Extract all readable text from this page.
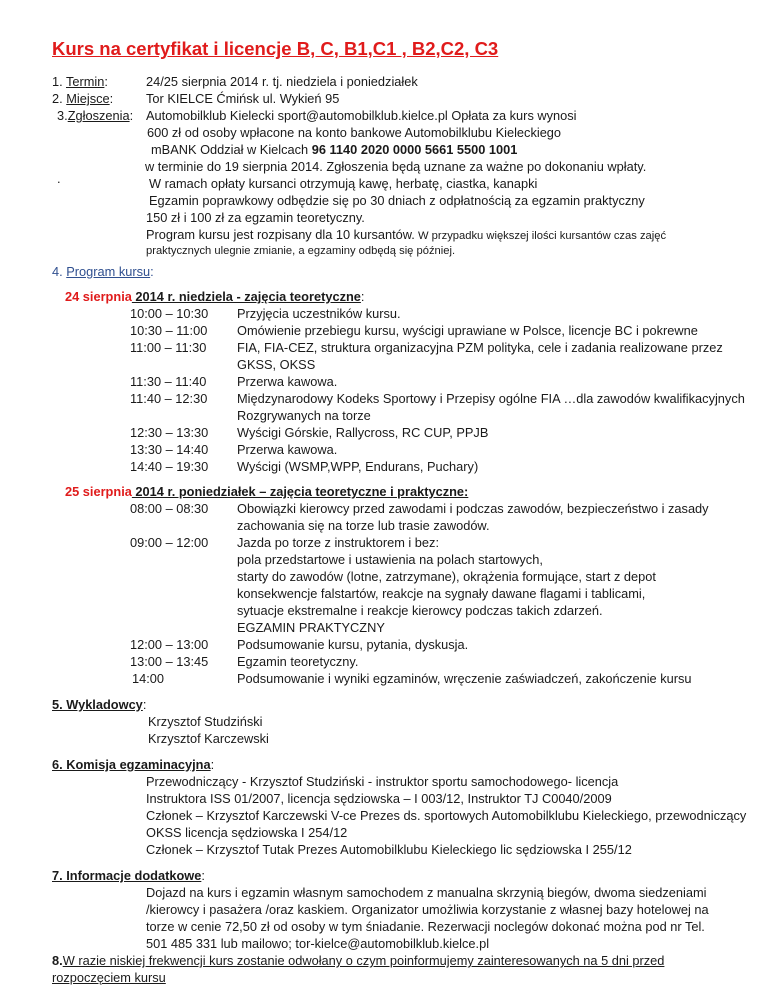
Kurs na certyfikat i licencje B, C, B1,C1 , B2,C2, C3
1. Termin:	24/25 sierpnia 2014 r. tj. niedziela i poniedziałek
2. Miejsce:	Tor KIELCE Ćmińsk ul. Wykień 95
3.Zgłoszenia: Automobilklub Kielecki sport@automobilklub.kielce.pl Opłata za kurs wynosi
600 zł od osoby wpłacone na konto bankowe Automobilklubu Kieleckiego
mBANK Oddział w Kielcach 96 1140 2020 0000 5661 5500 1001
w terminie do 19 sierpnia 2014. Zgłoszenia będą uznane za ważne po dokonaniu wpłaty.
.	W ramach opłaty kursanci otrzymują kawę, herbatę, ciastka, kanapki
Egzamin poprawkowy odbędzie się po 30 dniach z odpłatnością za egzamin praktyczny
150 zł i 100 zł za egzamin teoretyczny.
Program kursu jest rozpisany dla 10 kursantów. W przypadku większej ilości kursantów czas zajęć
praktycznych ulegnie zmianie, a egzaminy odbędą się później.
4. Program kursu:
24 sierpnia 2014 r. niedziela - zajęcia teoretyczne:
10:00 – 10:30 Przyjęcia uczestników kursu.
10:30 – 11:00 Omówienie przebiegu kursu, wyścigi uprawiane w Polsce, licencje BC i pokrewne
11:00 – 11:30 FIA, FIA-CEZ, struktura organizacyjna PZM polityka, cele i zadania realizowane przez
GKSS, OKSS
11:30 – 11:40 Przerwa kawowa.
11:40 – 12:30 Międzynarodowy Kodeks Sportowy i Przepisy ogólne FIA …dla zawodów kwalifikacyjnych
Rozgrywanych na torze
12:30 – 13:30 Wyścigi Górskie, Rallycross, RC CUP, PPJB
13:30 – 14:40 Przerwa kawowa.
14:40 – 19:30 Wyścigi (WSMP,WPP, Endurans, Puchary)
25 sierpnia 2014 r. poniedziałek – zajęcia teoretyczne i praktyczne:
08:00 – 08:30 Obowiązki kierowcy przed zawodami i podczas zawodów, bezpieczeństwo i zasady
zachowania się na torze lub trasie zawodów.
09:00 – 12:00 Jazda po torze z instruktorem i bez:
pola przedstartowe i ustawienia na polach startowych,
starty do zawodów (lotne, zatrzymane), okrążenia formujące, start z depot
konsekwencje falstartów, reakcje na sygnały dawane flagami i tablicami,
sytuacje ekstremalne i reakcje kierowcy podczas takich zdarzeń.
EGZAMIN PRAKTYCZNY
12:00 – 13:00 Podsumowanie kursu, pytania, dyskusja.
13:00 – 13:45 Egzamin teoretyczny.
14:00	Podsumowanie i wyniki egzaminów, wręczenie zaświadczeń, zakończenie kursu
5. Wykladowcy:
Krzysztof Studziński
Krzysztof Karczewski
6. Komisja egzaminacyjna:
Przewodniczący - Krzysztof Studziński - instruktor sportu samochodowego- licencja
Instruktora ISS 01/2007, licencja sędziowska – I 003/12, Instruktor TJ C0040/2009
Członek – Krzysztof Karczewski V-ce Prezes ds. sportowych Automobilklubu Kieleckiego, przewodniczący
OKSS licencja sędziowska I 254/12
Członek – Krzysztof Tutak Prezes Automobilklubu Kieleckiego lic sędziowska I 255/12
7. Informacje dodatkowe:
Dojazd na kurs i egzamin własnym samochodem z manualna skrzynią biegów, dwoma siedzeniami
/kierowcy i pasażera /oraz kaskiem. Organizator umożliwia korzystanie z własnej bazy hotelowej na
torze w cenie 72,50 zł od osoby w tym śniadanie. Rezerwacji noclegów dokonać można pod nr Tel.
501 485 331 lub mailowo; tor-kielce@automobilklub.kielce.pl
8.W razie niskiej frekwencji kurs zostanie odwołany o czym poinformujemy zainteresowanych na 5 dni przed
rozpoczęciem kursu
